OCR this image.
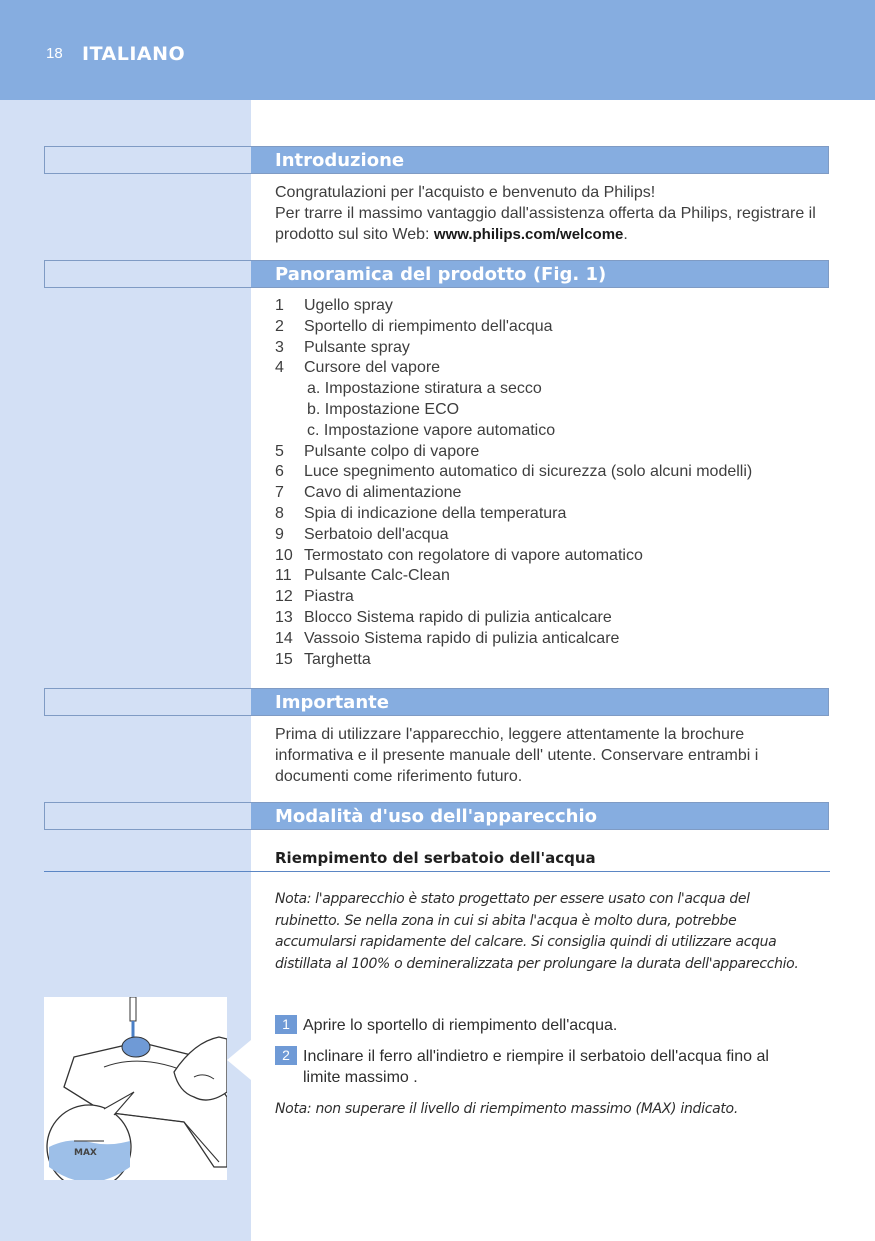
18 ITALIANO
Introduzione
Congratulazioni per l'acquisto e benvenuto da Philips!
Per trarre il massimo vantaggio dall'assistenza offerta da Philips, registrare il
prodotto sul sito Web: www.philips.com/welcome.
Panoramica del prodotto (Fig. 1)
1	Ugello spray
2	Sportello di riempimento dell'acqua
3	Pulsante spray
4	Cursore del vapore
a. Impostazione stiratura a secco
b. Impostazione ECO
c. Impostazione vapore automatico
5	Pulsante colpo di vapore
6	Luce spegnimento automatico di sicurezza (solo alcuni modelli)
7	Cavo di alimentazione
8	Spia di indicazione della temperatura
9	Serbatoio dell'acqua
10 Termostato con regolatore di vapore automatico
11 Pulsante Calc-Clean
12 Piastra
13 Blocco Sistema rapido di pulizia anticalcare
14 Vassoio Sistema rapido di pulizia anticalcare
15 Targhetta
Importante
Prima di utilizzare l'apparecchio, leggere attentamente la brochure
informativa e il presente manuale dell' utente. Conservare entrambi i
documenti come riferimento futuro.
Modalità d'uso dell'apparecchio
Riempimento del serbatoio dell'acqua
Nota: l'apparecchio è stato progettato per essere usato con l'acqua del
rubinetto. Se nella zona in cui si abita l'acqua è molto dura, potrebbe
accumularsi rapidamente del calcare. Si consiglia quindi di utilizzare acqua
distillata al 100% o demineralizzata per prolungare la durata dell'apparecchio.
1 Aprire lo sportello di riempimento dell'acqua.
2 Inclinare il ferro all'indietro e riempire il serbatoio dell'acqua fino al
limite massimo .
Nota: non superare il livello di riempimento massimo (MAX) indicato.
MAX
